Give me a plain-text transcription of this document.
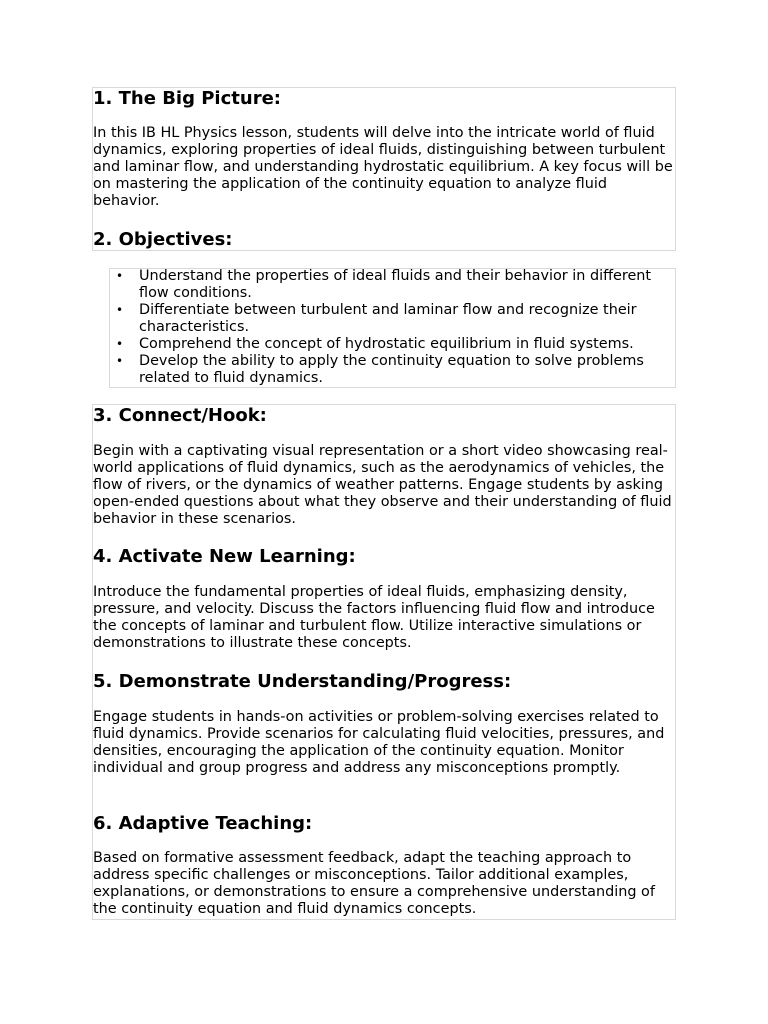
1. The Big Picture:

In this IB HL Physics lesson, students will delve into the intricate world of fluid dynamics, exploring properties of ideal fluids, distinguishing between turbulent and laminar flow, and understanding hydrostatic equilibrium. A key focus will be on mastering the application of the continuity equation to analyze fluid behavior.

2. Objectives:
• Understand the properties of ideal fluids and their behavior in different flow conditions.
• Differentiate between turbulent and laminar flow and recognize their characteristics.
• Comprehend the concept of hydrostatic equilibrium in fluid systems.
• Develop the ability to apply the continuity equation to solve problems related to fluid dynamics.
3. Connect/Hook:

Begin with a captivating visual representation or a short video showcasing real-world applications of fluid dynamics, such as the aerodynamics of vehicles, the flow of rivers, or the dynamics of weather patterns. Engage students by asking open-ended questions about what they observe and their understanding of fluid behavior in these scenarios.

4. Activate New Learning:

Introduce the fundamental properties of ideal fluids, emphasizing density, pressure, and velocity. Discuss the factors influencing fluid flow and introduce the concepts of laminar and turbulent flow. Utilize interactive simulations or demonstrations to illustrate these concepts.

5. Demonstrate Understanding/Progress:

Engage students in hands-on activities or problem-solving exercises related to fluid dynamics. Provide scenarios for calculating fluid velocities, pressures, and densities, encouraging the application of the continuity equation. Monitor individual and group progress and address any misconceptions promptly.

6. Adaptive Teaching:

Based on formative assessment feedback, adapt the teaching approach to address specific challenges or misconceptions. Tailor additional examples, explanations, or demonstrations to ensure a comprehensive understanding of the continuity equation and fluid dynamics concepts.
